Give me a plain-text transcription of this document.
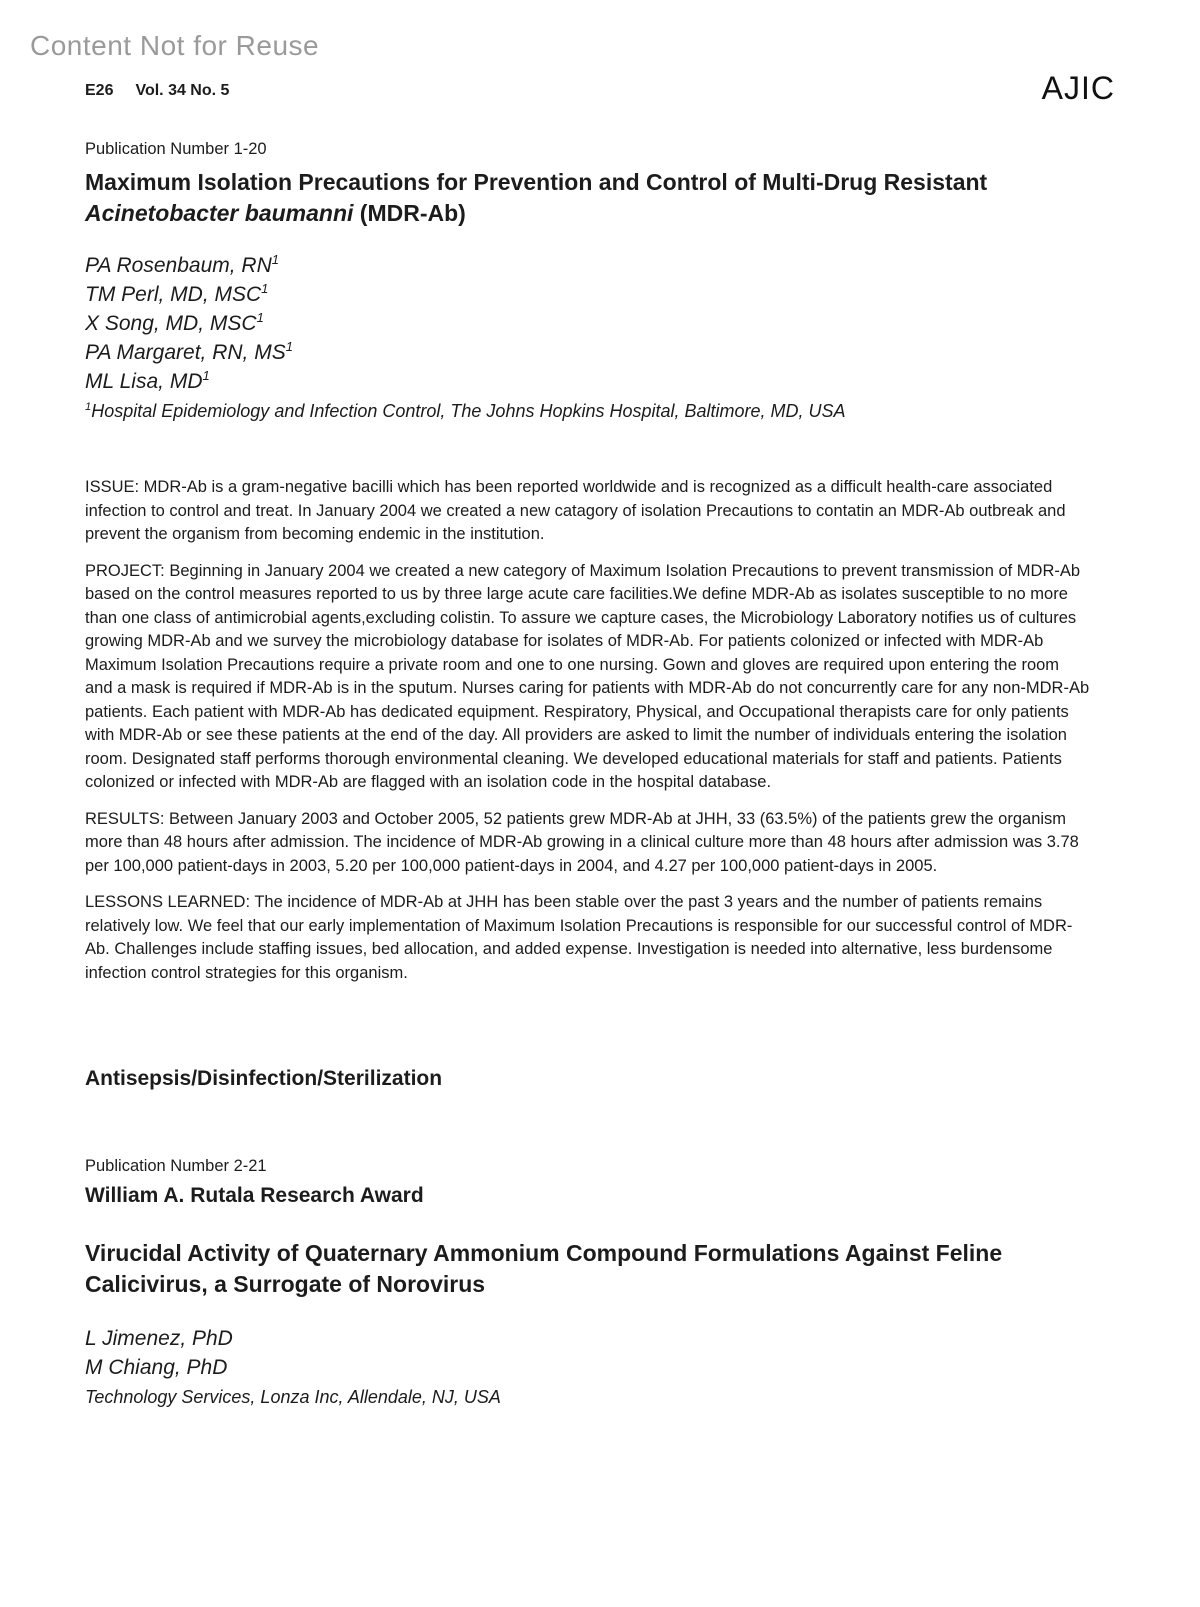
Content Not for Reuse
E26 Vol. 34 No. 5	AJIC
Publication Number 1-20
Maximum Isolation Precautions for Prevention and Control of Multi-Drug Resistant Acinetobacter baumanni (MDR-Ab)
PA Rosenbaum, $RN^1$
TM Perl, MD, MSC$^1$
X Song, MD, MSC$^1$
PA Margaret, RN, $MS^1$
ML Lisa, $MD^1$
$^1$Hospital Epidemiology and Infection Control, The Johns Hopkins Hospital, Baltimore, MD, USA

ISSUE: MDR-Ab is a gram-negative bacilli which has been reported worldwide and is recognized as a difficult health-care associated infection to control and treat. In January 2004 we created a new catagory of isolation Precautions to contatin an MDR-Ab outbreak and prevent the organism from becoming endemic in the institution.

PROJECT: Beginning in January 2004 we created a new category of Maximum Isolation Precautions to prevent transmission of MDR-Ab based on the control measures reported to us by three large acute care facilities.We define MDR-Ab as isolates susceptible to no more than one class of antimicrobial agents,excluding colistin. To assure we capture cases, the Microbiology Laboratory notifies us of cultures growing MDR-Ab and we survey the microbiology database for isolates of MDR-Ab. For patients colonized or infected with MDR-Ab Maximum Isolation Precautions require a private room and one to one nursing. Gown and gloves are required upon entering the room and a mask is required if MDR-Ab is in the sputum. Nurses caring for patients with MDR-Ab do not concurrently care for any non-MDR-Ab patients. Each patient with MDR-Ab has dedicated equipment. Respiratory, Physical, and Occupational therapists care for only patients with MDR-Ab or see these patients at the end of the day. All providers are asked to limit the number of individuals entering the isolation room. Designated staff performs thorough environmental cleaning. We developed educational materials for staff and patients. Patients colonized or infected with MDR-Ab are flagged with an isolation code in the hospital database.

RESULTS: Between January 2003 and October 2005, 52 patients grew MDR-Ab at JHH, 33 (63.5%) of the patients grew the organism more than 48 hours after admission. The incidence of MDR-Ab growing in a clinical culture more than 48 hours after admission was 3.78 per 100,000 patient-days in 2003, 5.20 per 100,000 patient-days in 2004, and 4.27 per 100,000 patient-days in 2005.

LESSONS LEARNED: The incidence of MDR-Ab at JHH has been stable over the past 3 years and the number of patients remains relatively low. We feel that our early implementation of Maximum Isolation Precautions is responsible for our successful control of MDR-Ab. Challenges include staffing issues, bed allocation, and added expense. Investigation is needed into alternative, less burdensome infection control strategies for this organism.

Antisepsis/Disinfection/Sterilization
Publication Number 2-21
William A. Rutala Research Award
Virucidal Activity of Quaternary Ammonium Compound Formulations Against Feline Calicivirus, a Surrogate of Norovirus
L Jimenez, PhD
M Chiang, PhD
Technology Services, Lonza Inc, Allendale, NJ, USA
